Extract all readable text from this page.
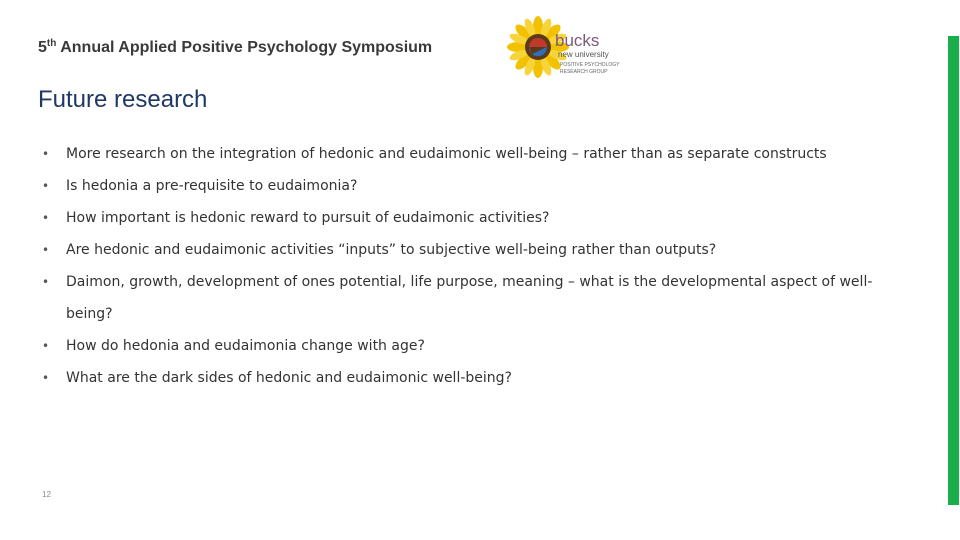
5th Annual Applied Positive Psychology Symposium	bucks
new university
POSITIVE PSYCHOLOGY
RESEARCH GROUP
Future research
• More research on the integration of hedonic and eudaimonic well-being – rather than as separate constructs
• Is hedonia a pre-requisite to eudaimonia?
• How important is hedonic reward to pursuit of eudaimonic activities?
• Are hedonic and eudaimonic activities “inputs” to subjective well-being rather than outputs?
• Daimon, growth, development of ones potential, life purpose, meaning – what is the developmental aspect of well-being?
• How do hedonia and eudaimonia change with age?
• What are the dark sides of hedonic and eudaimonic well-being?
12
